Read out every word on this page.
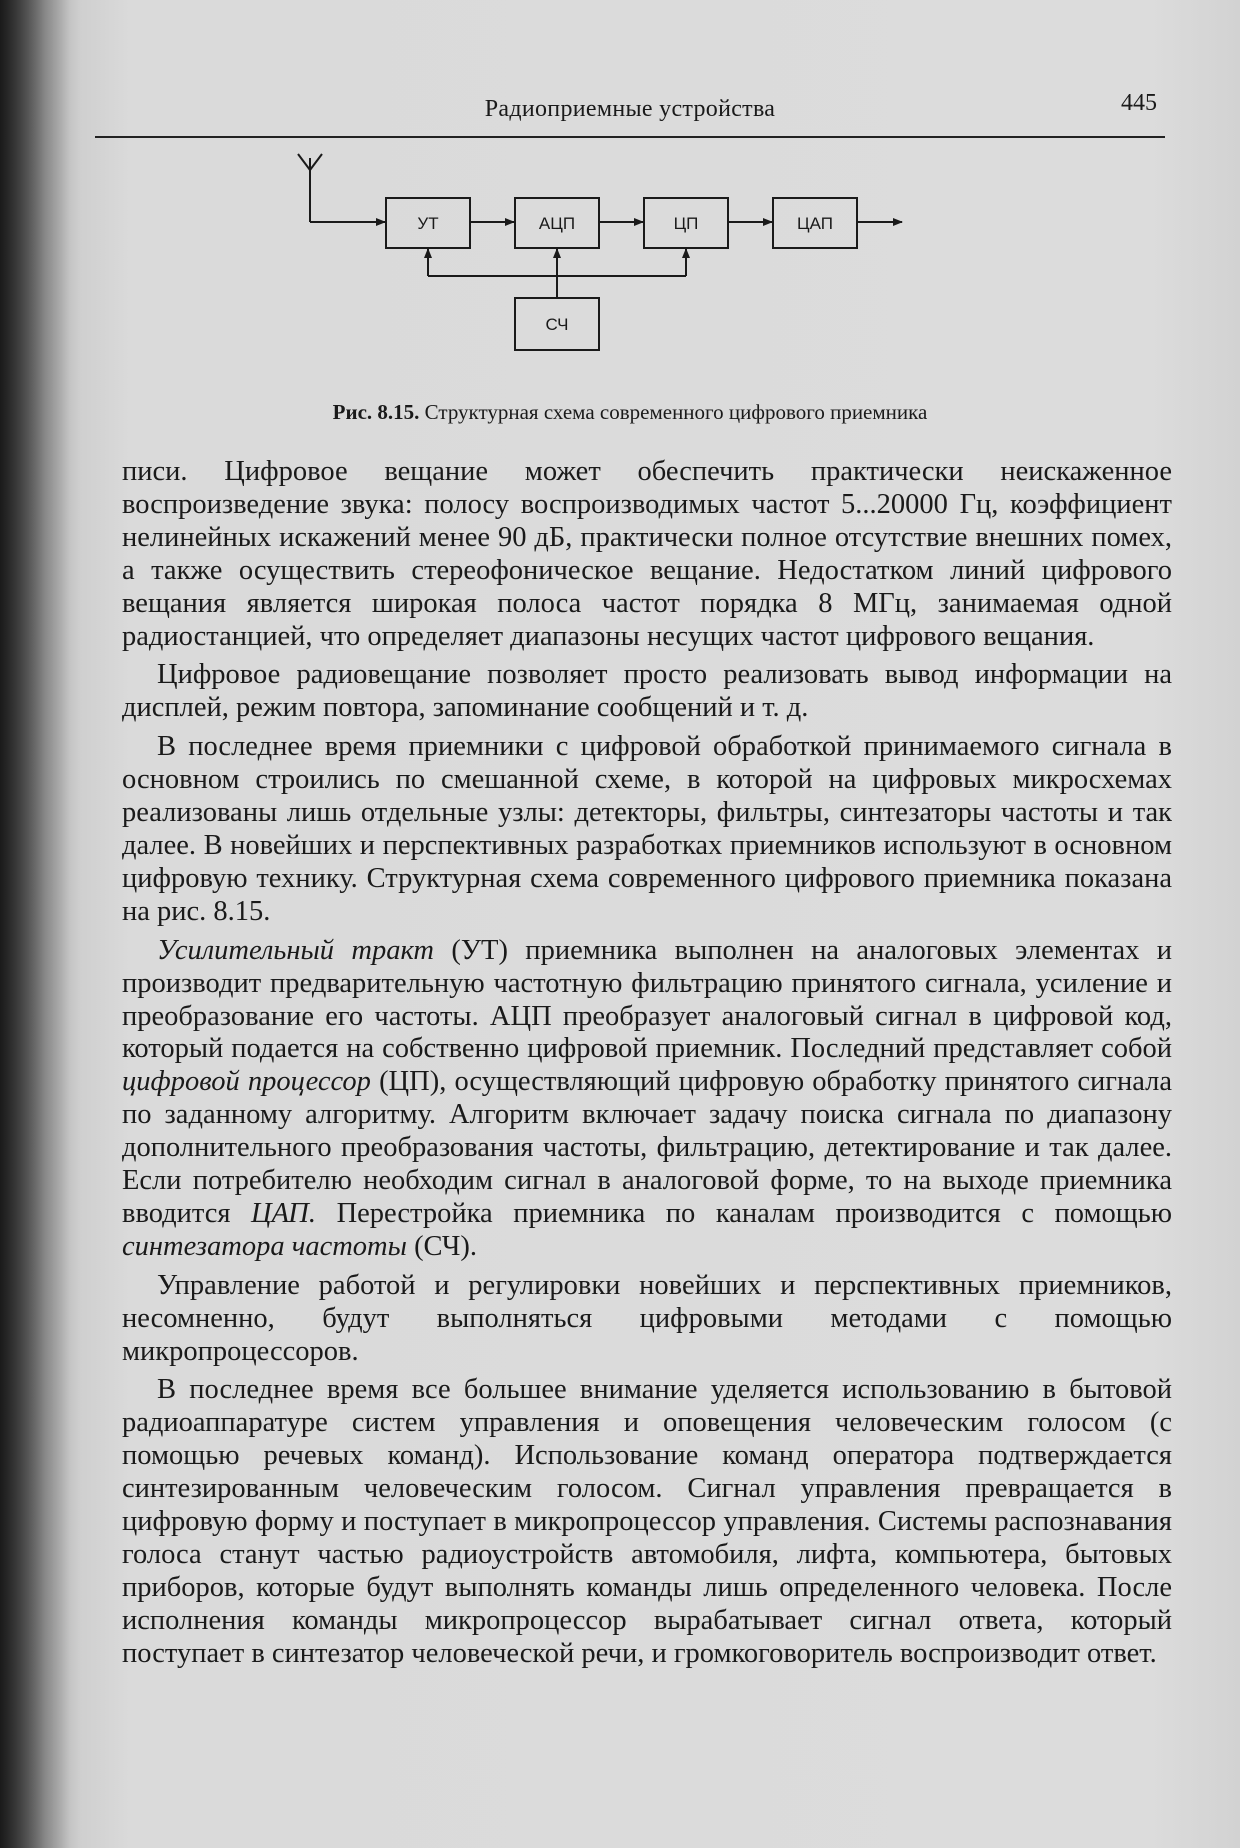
Радиоприемные устройства	445
УТ	АЦП	ЦП	ЦАП
СЧ
Рис. 8.15. Структурная схема современного цифрового приемника

писи. Цифровое вещание может обеспечить практически неискаженное воспроизведение звука: полосу воспроизводимых частот 5...20000 Гц, коэффициент нелинейных искажений менее 90 дБ, практически полное отсутствие внешних помех, а также осуществить стереофоническое вещание. Недостатком линий цифрового вещания является широкая полоса частот порядка 8 МГц, занимаемая одной радиостанцией, что определяет диапазоны несущих частот цифрового вещания.

Цифровое радиовещание позволяет просто реализовать вывод информации на дисплей, режим повтора, запоминание сообщений и т. д.

В последнее время приемники с цифровой обработкой принимаемого сигнала в основном строились по смешанной схеме, в которой на цифровых микросхемах реализованы лишь отдельные узлы: детекторы, фильтры, синтезаторы частоты и так далее. В новейших и перспективных разработках приемников используют в основном цифровую технику. Структурная схема современного цифрового приемника показана на рис. 8.15.

Усилительный тракт (УТ) приемника выполнен на аналоговых элементах и производит предварительную частотную фильтрацию принятого сигнала, усиление и преобразование его частоты. АЦП преобразует аналоговый сигнал в цифровой код, который подается на собственно цифровой приемник. Последний представляет собой цифровой процессор (ЦП), осуществляющий цифровую обработку принятого сигнала по заданному алгоритму. Алгоритм включает задачу поиска сигнала по диапазону дополнительного преобразования частоты, фильтрацию, детектирование и так далее. Если потребителю необходим сигнал в аналоговой форме, то на выходе приемника вводится ЦАП. Перестройка приемника по каналам производится с помощью синтезатора частоты (СЧ).

Управление работой и регулировки новейших и перспективных приемников, несомненно, будут выполняться цифровыми методами с помощью микропроцессоров.

В последнее время все большее внимание уделяется использованию в бытовой радиоаппаратуре систем управления и оповещения человеческим голосом (с помощью речевых команд). Использование команд оператора подтверждается синтезированным человеческим голосом. Сигнал управления превращается в цифровую форму и поступает в микропроцессор управления. Системы распознавания голоса станут частью радиоустройств автомобиля, лифта, компьютера, бытовых приборов, которые будут выполнять команды лишь определенного человека. После исполнения команды микропроцессор вырабатывает сигнал ответа, который поступает в синтезатор человеческой речи, и громкоговоритель воспроизводит ответ.
